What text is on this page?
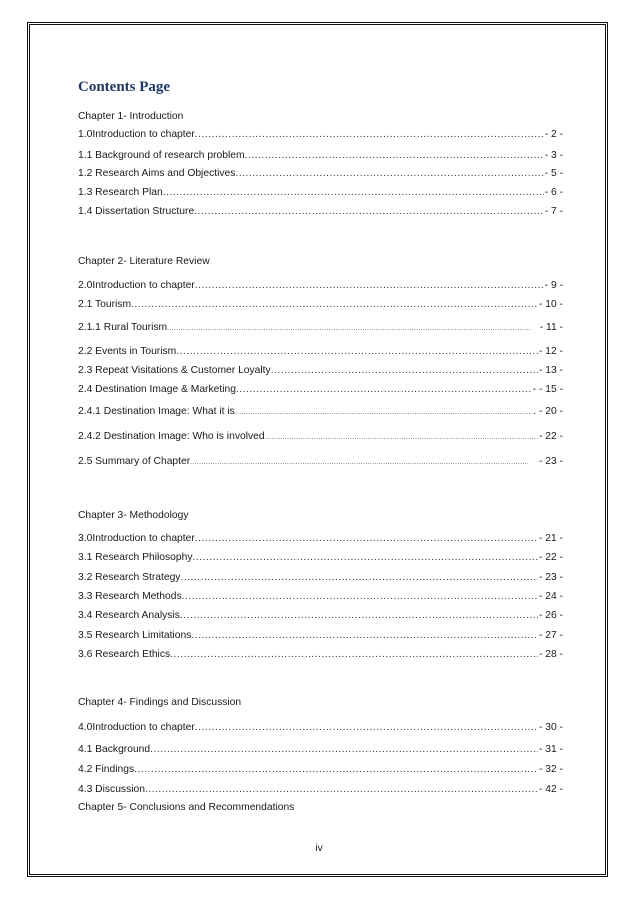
Contents Page
Chapter 1- Introduction
1.0 Introduction to chapter .....	- 2 -
1.1 Background of research problem .....	- 3 -
1.2 Research Aims and Objectives .....	- 5 -
1.3 Research Plan .....	- 6 -
1.4 Dissertation Structure .....	- 7 -
Chapter 2- Literature Review
2.0 Introduction to chapter .....	- 9 -
2.1 Tourism .....	- 10 -
2.1.1 Rural Tourism .....	- 11 -
2.2 Events in Tourism .....	- 12 -
2.3 Repeat Visitations & Customer Loyalty .....	- 13 -
2.4 Destination Image & Marketing .....	- - 15 -
2.4.1 Destination Image: What it is .....	. - 20 -
2.4.2 Destination Image: Who is involved .....	- 22 -
2.5 Summary of Chapter .....	- 23 -
Chapter 3- Methodology
3.0 Introduction to chapter .....	- 21 -
3.1 Research Philosophy .....	- 22 -
3.2 Research Strategy .....	- 23 -
3.3 Research Methods .....	- 24 -
3.4 Research Analysis .....	- 26 -
3.5 Research Limitations .....	- 27 -
3.6 Research Ethics .....	- 28 -
Chapter 4- Findings and Discussion
4.0 Introduction to chapter .....	- 30 -
4.1 Background .....	- 31 -
4.2 Findings .....	- 32 -
4.3 Discussion .....	- 42 -
Chapter 5- Conclusions and Recommendations
iv
